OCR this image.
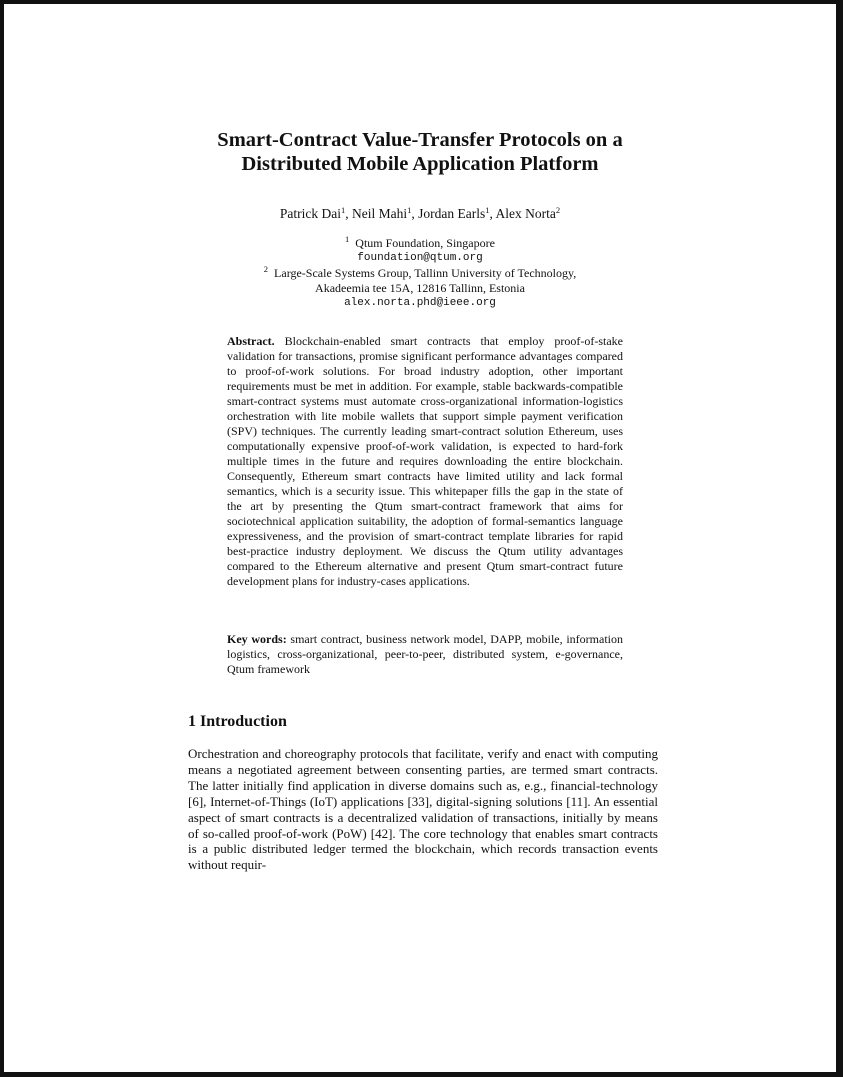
Smart-Contract Value-Transfer Protocols on a
Distributed Mobile Application Platform
Patrick Dai$^1$, Neil Mahi$^1$, Jordan Earls$^1$, Alex Norta$^2$
$^1$ Qtum Foundation, Singapore
foundation@qtum.org
$^2$ Large-Scale Systems Group, Tallinn University of Technology,
Akadeemia tee 15A, 12816 Tallinn, Estonia
alex.norta.phd@ieee.org
Abstract. Blockchain-enabled smart contracts that employ proof-of-stake validation for transactions, promise significant performance advantages compared to proof-of-work solutions. For broad industry adoption, other important requirements must be met in addition. For example, stable backwards-compatible smart-contract systems must automate cross-organizational information-logistics orchestration with lite mobile wallets that support simple payment verification (SPV) techniques. The currently leading smart-contract solution Ethereum, uses computationally expensive proof-of-work validation, is expected to hard-fork multiple times in the future and requires downloading the entire blockchain. Consequently, Ethereum smart contracts have limited utility and lack formal semantics, which is a security issue. This whitepaper fills the gap in the state of the art by presenting the Qtum smart-contract framework that aims for sociotechnical application suitability, the adoption of formal-semantics language expressiveness, and the provision of smart-contract template libraries for rapid best-practice industry deployment. We discuss the Qtum utility advantages compared to the Ethereum alternative and present Qtum smart-contract future development plans for industry-cases applications.
Key words: smart contract, business network model, DAPP, mobile, information logistics, cross-organizational, peer-to-peer, distributed system, e-governance, Qtum framework
1 Introduction
Orchestration and choreography protocols that facilitate, verify and enact with computing means a negotiated agreement between consenting parties, are termed smart contracts. The latter initially find application in diverse domains such as, e.g., financial-technology [6], Internet-of-Things (IoT) applications [33], digital-signing solutions [11]. An essential aspect of smart contracts is a decentralized validation of transactions, initially by means of so-called proof-of-work (PoW) [42]. The core technology that enables smart contracts is a public distributed ledger termed the blockchain, which records transaction events without requir-
